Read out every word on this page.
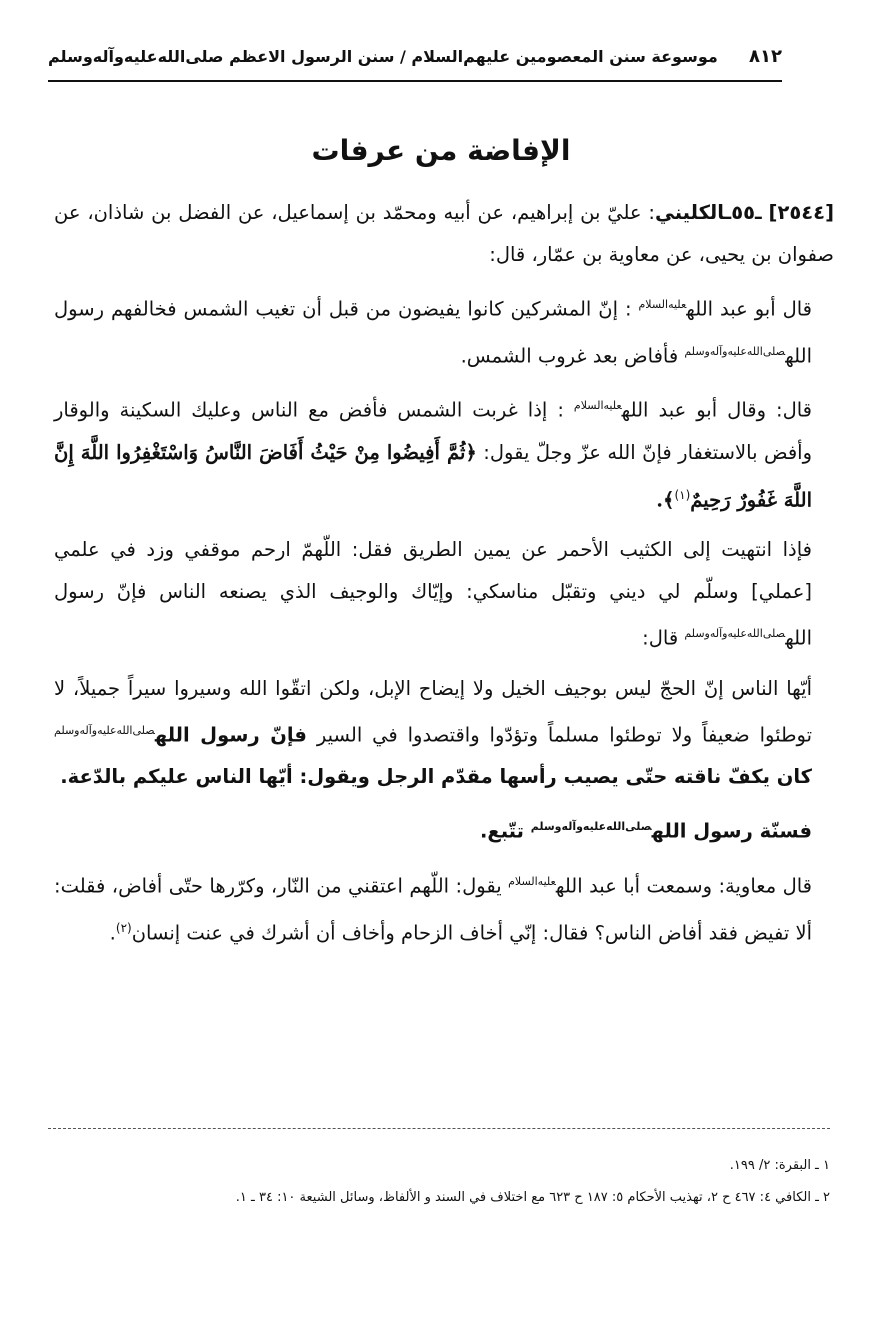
٨١٢
موسوعة سنن المعصومين عليهم‌السلام / سنن الرسول الاعظم صلى‌الله‌عليه‌وآله‌وسلم
الإفاضة من عرفات

[٢٥٤٤] ـ٥٥ـالكليني: عليّ بن إبراهيم، عن أبيه ومحمّد بن إسماعيل، عن الفضل بن شاذان، عن صفوان بن يحيى، عن معاوية بن عمّار، قال:

قال أبو عبد الله$^{عليه‌السلام}$ : إنّ المشركين كانوا يفيضون من قبل أن تغيب الشمس فخالفهم رسول الله$^{صلى‌الله‌عليه‌وآله‌وسلم}$ فأفاض بعد غروب الشمس.

قال: وقال أبو عبد الله$^{عليه‌السلام}$ : إذا غربت الشمس فأفض مع الناس وعليك السكينة والوقار وأفض بالاستغفار فإنّ الله عزّ وجلّ يقول: ﴿ثُمَّ أَفِيضُوا مِنْ حَيْثُ أَفَاضَ النَّاسُ وَاسْتَغْفِرُوا اللَّهَ إِنَّ اللَّهَ غَفُورٌ رَحِيمٌ$^{(١)}$﴾.

فإذا انتهيت إلى الكثيب الأحمر عن يمين الطريق فقل: اللّهمّ ارحم موقفي وزد في علمي [عملي] وسلّم لي ديني وتقبّل مناسكي: وإيّاك والوجيف الذي يصنعه الناس فإنّ رسول الله$^{صلى‌الله‌عليه‌وآله‌وسلم}$ قال:

أيّها الناس إنّ الحجّ ليس بوجيف الخيل ولا إيضاح الإبل، ولكن اتقّوا الله وسيروا سيراً جميلاً، لا توطئوا ضعيفاً ولا توطئوا مسلماً وتؤدّوا واقتصدوا في السير فإنّ رسول الله$^{صلى‌الله‌عليه‌وآله‌وسلم}$ كان يكفّ ناقته حتّى يصيب رأسها مقدّم الرجل ويقول: أيّها الناس عليكم بالدّعة.

فسنّة رسول الله$^{صلى‌الله‌عليه‌وآله‌وسلم}$ تتّبع.

قال معاوية: وسمعت أبا عبد الله$^{عليه‌السلام}$ يقول: اللّهم اعتقني من النّار، وكرّرها حتّى أفاض، فقلت: ألا تفيض فقد أفاض الناس؟ فقال: إنّي أخاف الزحام وأخاف أن أشرك في عنت إنسان$^{(٢)}$.

١ ـ البقرة: ٢/ ١٩٩.
٢ ـ الكافي ٤: ٤٦٧ ح ٢، تهذيب الأحكام ٥: ١٨٧ ح ٦٢٣ مع اختلاف في السند و الألفاظ، وسائل الشيعة ١٠: ٣٤ ـ ١.
